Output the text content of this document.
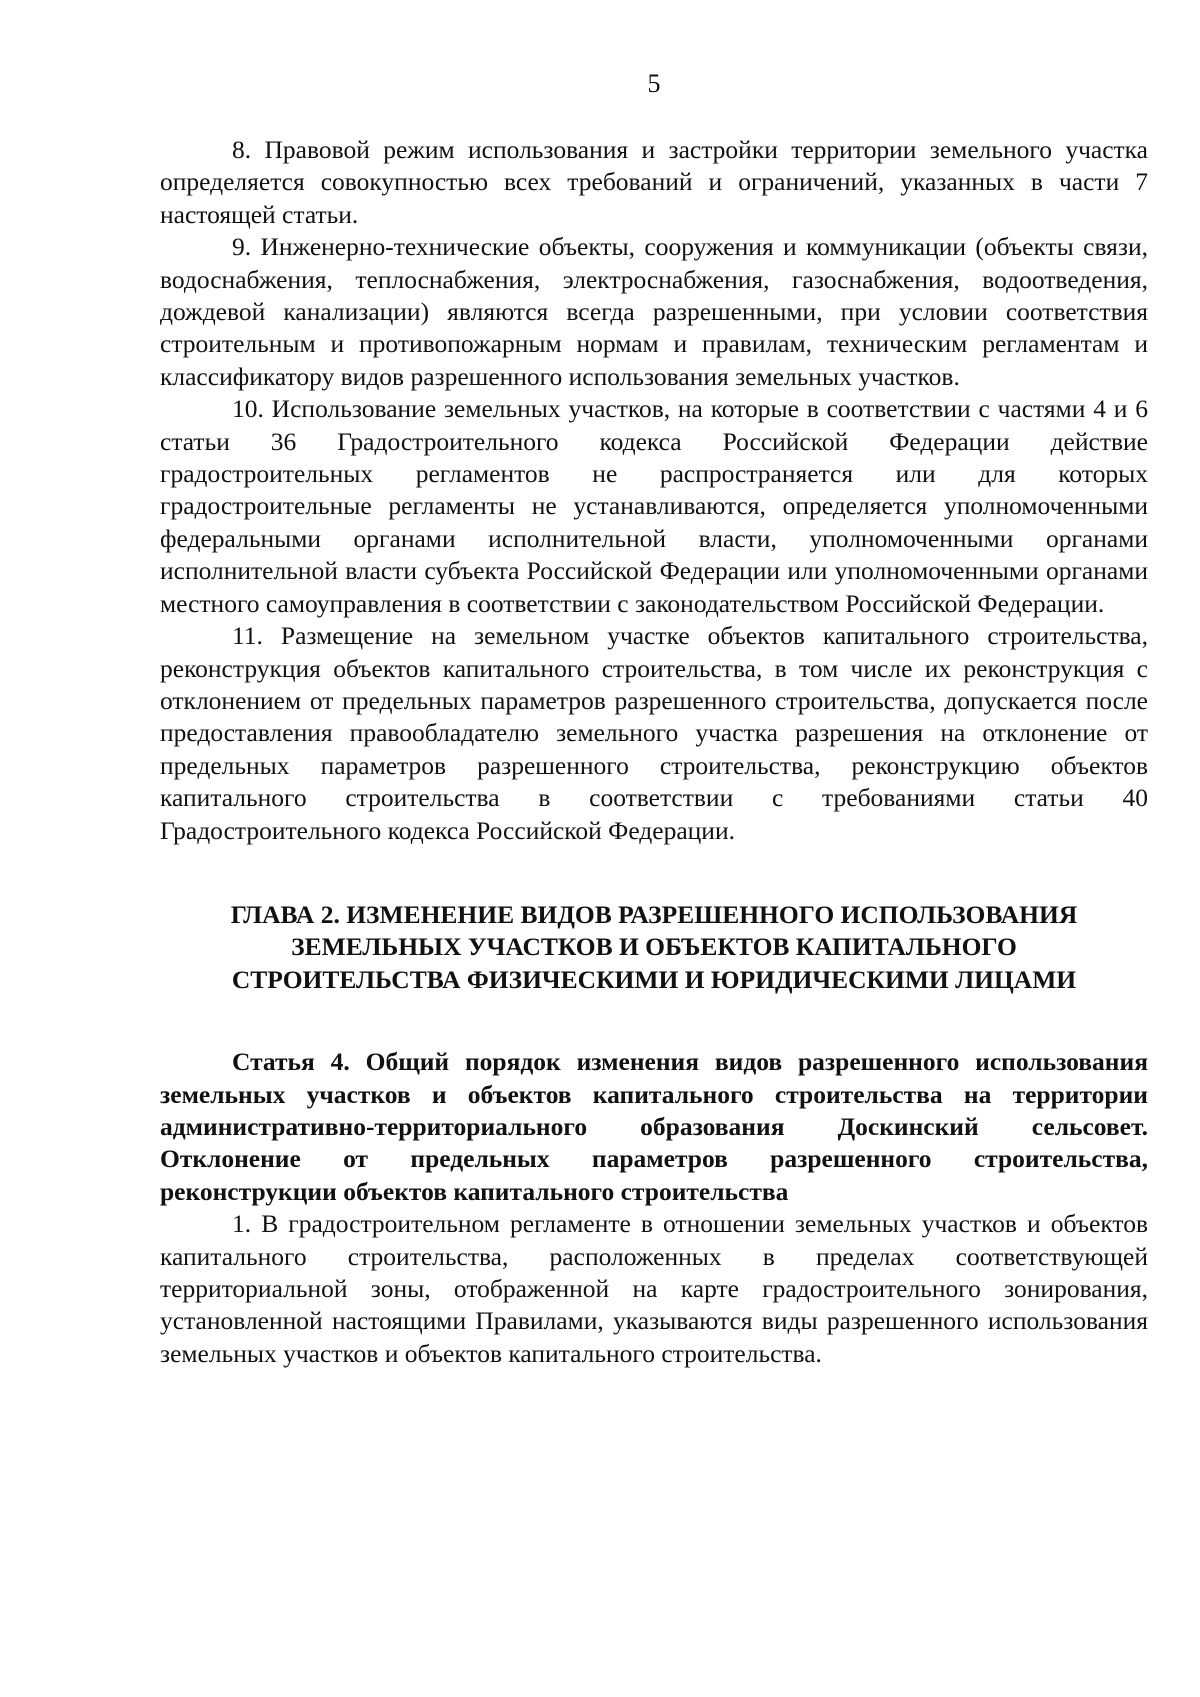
5

8. Правовой режим использования и застройки территории земельного участка определяется совокупностью всех требований и ограничений, указанных в части 7 настоящей статьи.

9. Инженерно-технические объекты, сооружения и коммуникации (объекты связи, водоснабжения, теплоснабжения, электроснабжения, газоснабжения, водоотведения, дождевой канализации) являются всегда разрешенными, при условии соответствия строительным и противопожарным нормам и правилам, техническим регламентам и классификатору видов разрешенного использования земельных участков.

10. Использование земельных участков, на которые в соответствии с частями 4 и 6 статьи 36 Градостроительного кодекса Российской Федерации действие градостроительных регламентов не распространяется или для которых градостроительные регламенты не устанавливаются, определяется уполномоченными федеральными органами исполнительной власти, уполномоченными органами исполнительной власти субъекта Российской Федерации или уполномоченными органами местного самоуправления в соответствии с законодательством Российской Федерации.

11. Размещение на земельном участке объектов капитального строительства, реконструкция объектов капитального строительства, в том числе их реконструкция с отклонением от предельных параметров разрешенного строительства, допускается после предоставления правообладателю земельного участка разрешения на отклонение от предельных параметров разрешенного строительства, реконструкцию объектов капитального строительства в соответствии с требованиями статьи 40 Градостроительного кодекса Российской Федерации.

ГЛАВА 2. ИЗМЕНЕНИЕ ВИДОВ РАЗРЕШЕННОГО ИСПОЛЬЗОВАНИЯ
ЗЕМЕЛЬНЫХ УЧАСТКОВ И ОБЪЕКТОВ КАПИТАЛЬНОГО
СТРОИТЕЛЬСТВА ФИЗИЧЕСКИМИ И ЮРИДИЧЕСКИМИ ЛИЦАМИ

Статья 4. Общий порядок изменения видов разрешенного использования земельных участков и объектов капитального строительства на территории административно-территориального образования Доскинский сельсовет. Отклонение от предельных параметров разрешенного строительства, реконструкции объектов капитального строительства

1. В градостроительном регламенте в отношении земельных участков и объектов капитального строительства, расположенных в пределах соответствующей территориальной зоны, отображенной на карте градостроительного зонирования, установленной настоящими Правилами, указываются виды разрешенного использования земельных участков и объектов капитального строительства.
